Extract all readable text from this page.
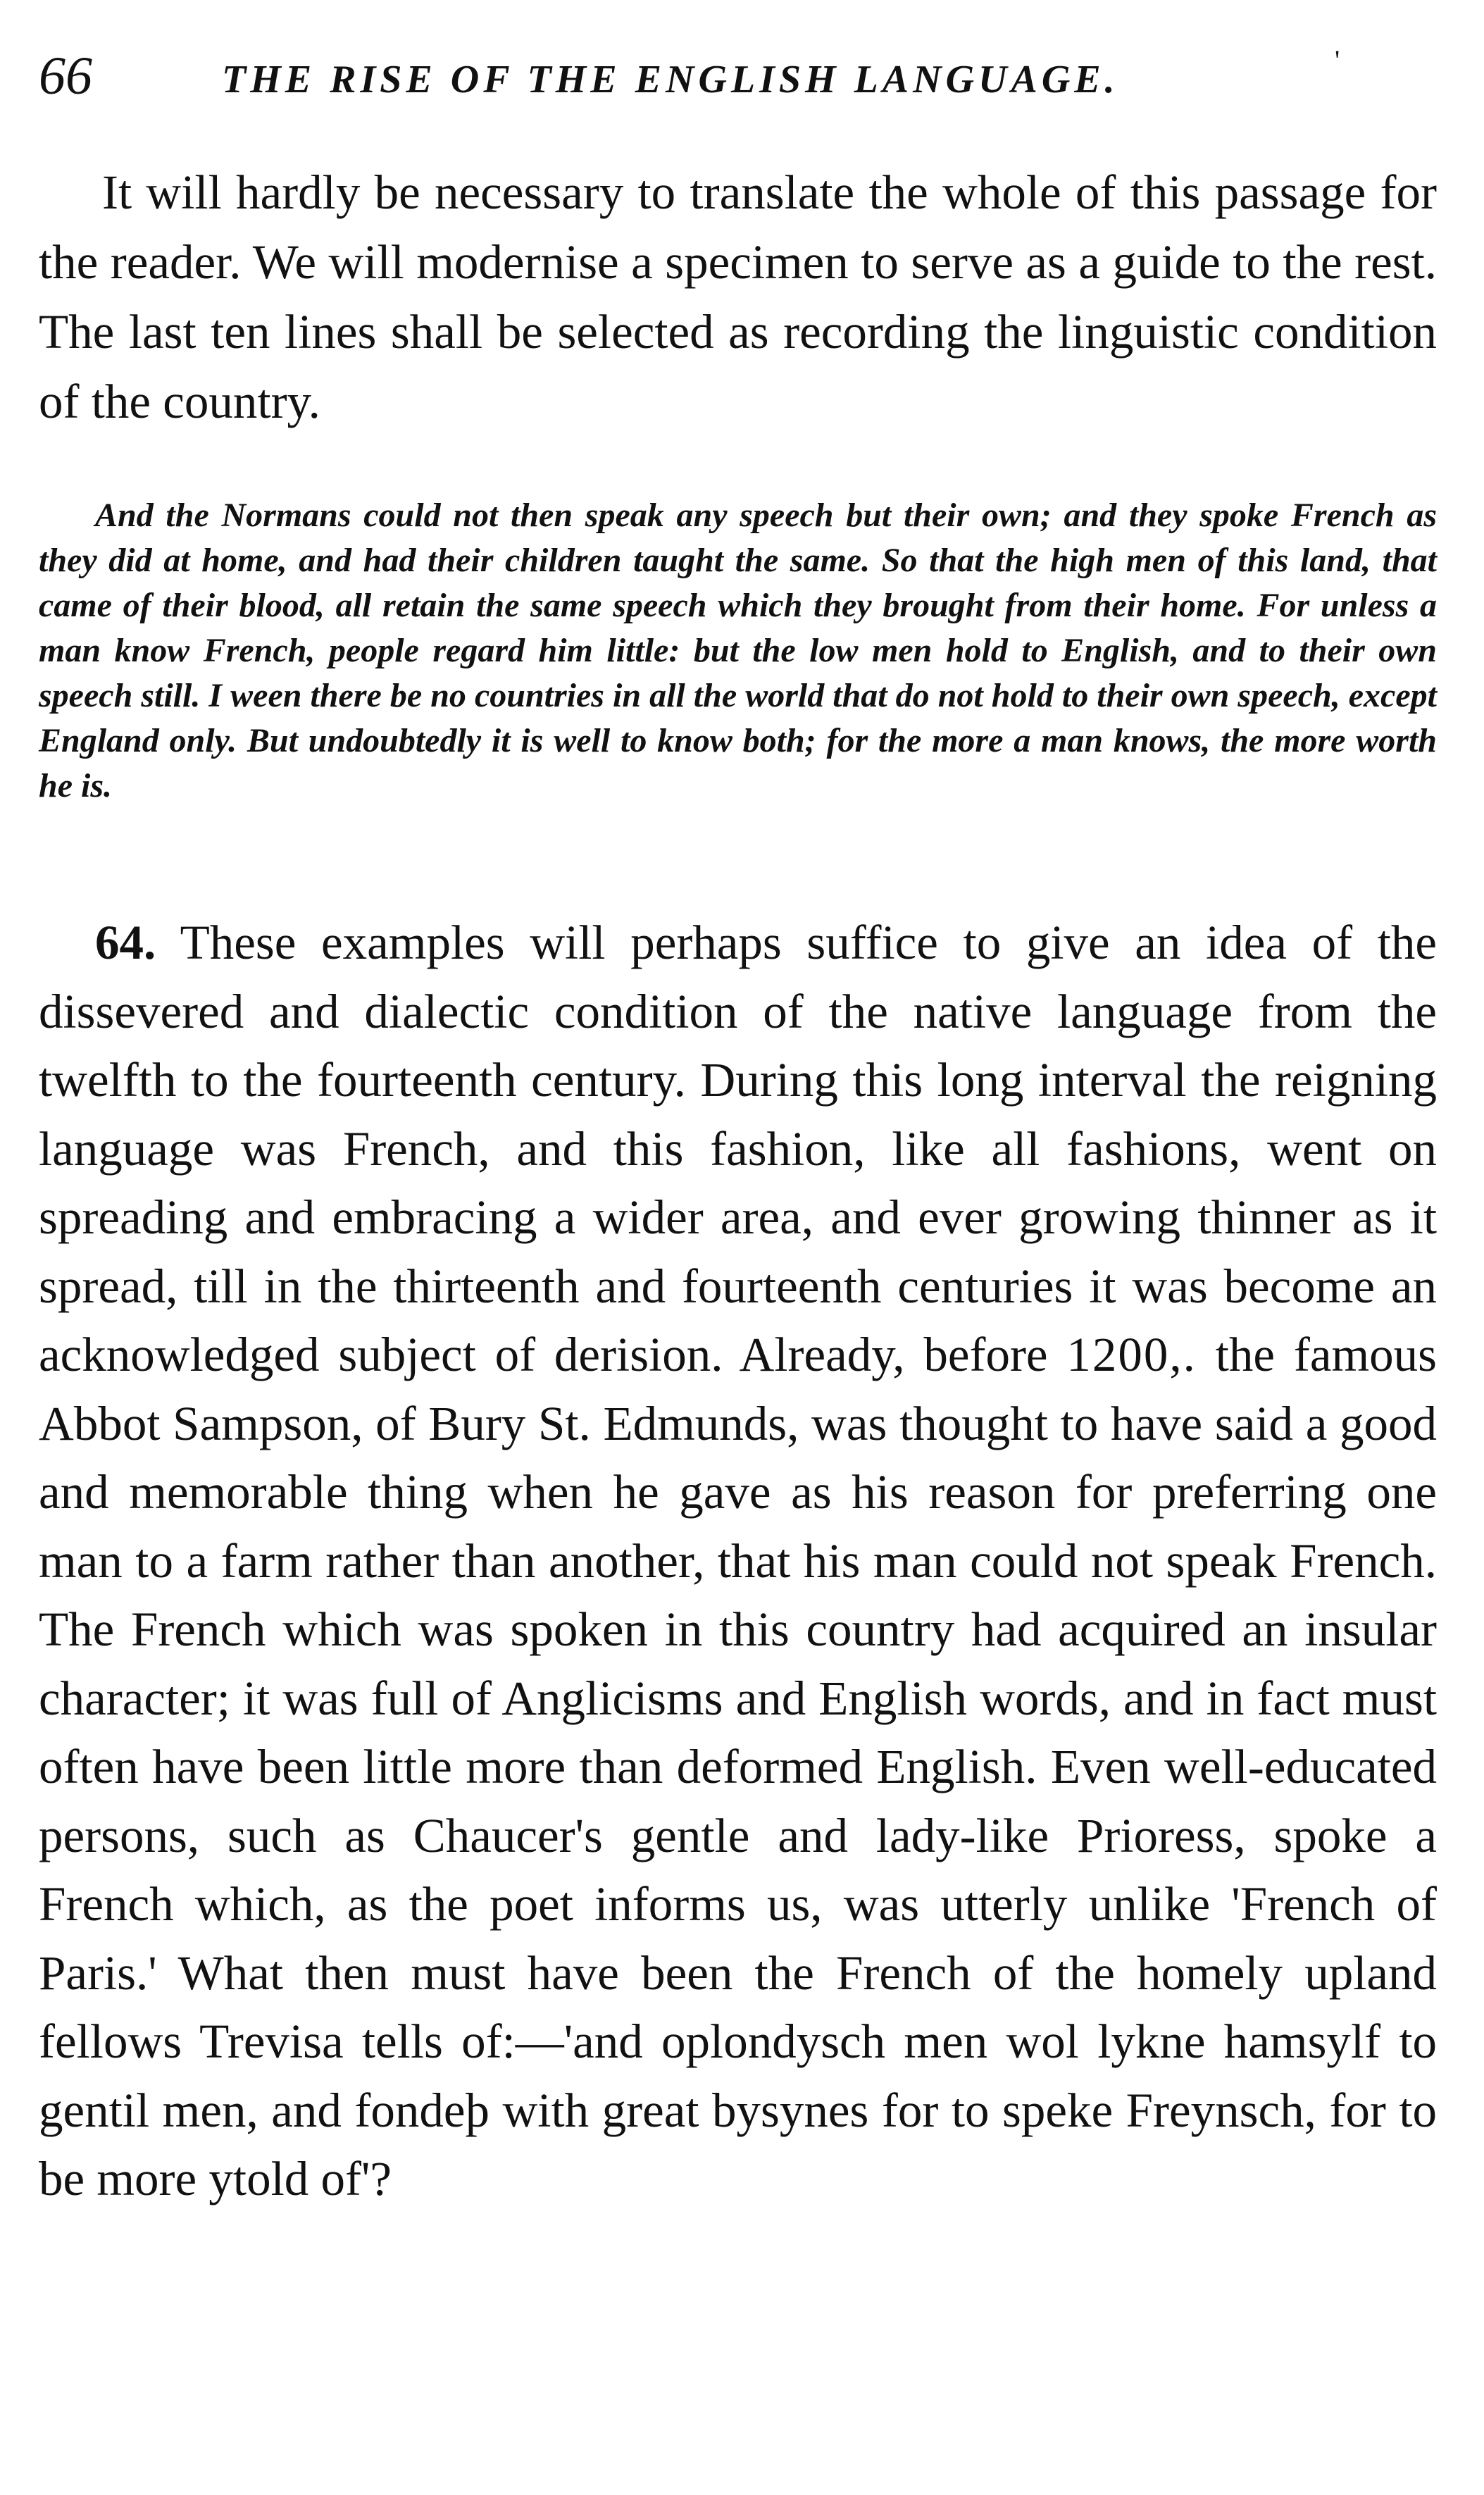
66	THE RISE OF THE ENGLISH LANGUAGE.	'

It will hardly be necessary to translate the whole of this passage for the reader. We will modernise a specimen to serve as a guide to the rest. The last ten lines shall be selected as recording the linguistic condition of the country.

And the Normans could not then speak any speech but their own; and they spoke French as they did at home, and had their children taught the same. So that the high men of this land, that came of their blood, all retain the same speech which they brought from their home. For unless a man know French, people regard him little: but the low men hold to English, and to their own speech still. I ween there be no countries in all the world that do not hold to their own speech, except England only. But undoubtedly it is well to know both; for the more a man knows, the more worth he is.

64. These examples will perhaps suffice to give an idea of the dissevered and dialectic condition of the native language from the twelfth to the fourteenth century. During this long interval the reigning language was French, and this fashion, like all fashions, went on spreading and embracing a wider area, and ever growing thinner as it spread, till in the thirteenth and fourteenth centuries it was become an acknowledged subject of derision. Already, before 1200,. the famous Abbot Sampson, of Bury St. Edmunds, was thought to have said a good and memorable thing when he gave as his reason for preferring one man to a farm rather than another, that his man could not speak French. The French which was spoken in this country had acquired an insular character; it was full of Anglicisms and English words, and in fact must often have been little more than deformed English. Even well-educated persons, such as Chaucer's gentle and lady-like Prioress, spoke a French which, as the poet informs us, was utterly unlike 'French of Paris.' What then must have been the French of the homely upland fellows Trevisa tells of:—'and oplondysch men wol lykne hamsylf to gentil men, and fondeþ with great bysynes for to speke Freynsch, for to be more ytold of'?
